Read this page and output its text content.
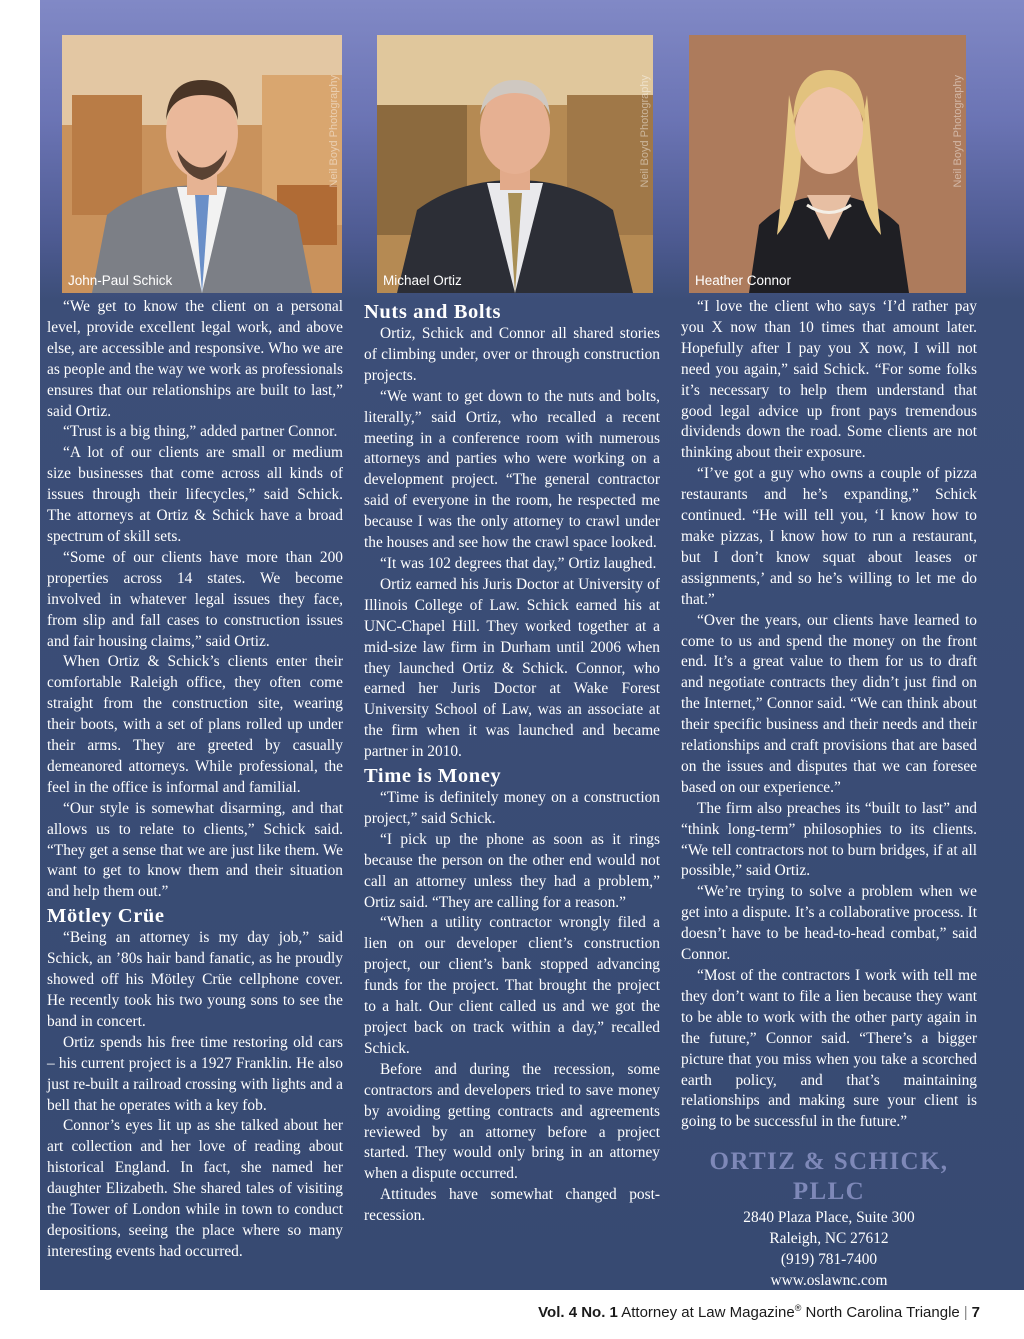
Neil Boyd Photography
John-Paul Schick
Neil Boyd Photography
Michael Ortiz
Neil Boyd Photography
Heather Connor

“We get to know the client on a personal level, provide excellent legal work, and above else, are accessible and responsive. Who we are as people and the way we work as professionals ensures that our relationships are built to last,” said Ortiz.

“Trust is a big thing,” added partner Connor.

“A lot of our clients are small or medium size businesses that come across all kinds of issues through their lifecycles,” said Schick. The attorneys at Ortiz & Schick have a broad spectrum of skill sets.

“Some of our clients have more than 200 properties across 14 states. We become involved in whatever legal issues they face, from slip and fall cases to construction issues and fair housing claims,” said Ortiz.

When Ortiz & Schick’s clients enter their comfortable Raleigh office, they often come straight from the construction site, wearing their boots, with a set of plans rolled up under their arms. They are greeted by casually demeanored attorneys. While professional, the feel in the office is informal and familial.

“Our style is somewhat disarming, and that allows us to relate to clients,” Schick said. “They get a sense that we are just like them. We want to get to know them and their situation and help them out.”

Mötley Crüe

“Being an attorney is my day job,” said Schick, an ’80s hair band fanatic, as he proudly showed off his Mötley Crüe cellphone cover. He recently took his two young sons to see the band in concert.

Ortiz spends his free time restoring old cars – his current project is a 1927 Franklin. He also just re-built a railroad crossing with lights and a bell that he operates with a key fob.

Connor’s eyes lit up as she talked about her art collection and her love of reading about historical England. In fact, she named her daughter Elizabeth. She shared tales of visiting the Tower of London while in town to conduct depositions, seeing the place where so many interesting events had occurred.

Nuts and Bolts

Ortiz, Schick and Connor all shared stories of climbing under, over or through construction projects.

“We want to get down to the nuts and bolts, literally,” said Ortiz, who recalled a recent meeting in a conference room with numerous attorneys and parties who were working on a development project. “The general contractor said of everyone in the room, he respected me because I was the only attorney to crawl under the houses and see how the crawl space looked.

“It was 102 degrees that day,” Ortiz laughed.

Ortiz earned his Juris Doctor at University of Illinois College of Law. Schick earned his at UNC-Chapel Hill. They worked together at a mid-size law firm in Durham until 2006 when they launched Ortiz & Schick. Connor, who earned her Juris Doctor at Wake Forest University School of Law, was an associate at the firm when it was launched and became partner in 2010.

Time is Money

“Time is definitely money on a construction project,” said Schick.

“I pick up the phone as soon as it rings because the person on the other end would not call an attorney unless they had a problem,” Ortiz said. “They are calling for a reason.”

“When a utility contractor wrongly filed a lien on our developer client’s construction project, our client’s bank stopped advancing funds for the project. That brought the project to a halt. Our client called us and we got the project back on track within a day,” recalled Schick.

Before and during the recession, some contractors and developers tried to save money by avoiding getting contracts and agreements reviewed by an attorney before a project started. They would only bring in an attorney when a dispute occurred.

Attitudes have somewhat changed post-recession.

“I love the client who says ‘I’d rather pay you X now than 10 times that amount later. Hopefully after I pay you X now, I will not need you again,” said Schick. “For some folks it’s necessary to help them understand that good legal advice up front pays tremendous dividends down the road. Some clients are not thinking about their exposure.

“I’ve got a guy who owns a couple of pizza restaurants and he’s expanding,” Schick continued. “He will tell you, ‘I know how to make pizzas, I know how to run a restaurant, but I don’t know squat about leases or assignments,’ and so he’s willing to let me do that.”

“Over the years, our clients have learned to come to us and spend the money on the front end. It’s a great value to them for us to draft and negotiate contracts they didn’t just find on the Internet,” Connor said. “We can think about their specific business and their needs and their relationships and craft provisions that are based on the issues and disputes that we can foresee based on our experience.”

The firm also preaches its “built to last” and “think long-term” philosophies to its clients. “We tell contractors not to burn bridges, if at all possible,” said Ortiz.

“We’re trying to solve a problem when we get into a dispute. It’s a collaborative process. It doesn’t have to be head-to-head combat,” said Connor.

“Most of the contractors I work with tell me they don’t want to file a lien because they want to be able to work with the other party again in the future,” Connor said. “There’s a bigger picture that you miss when you take a scorched earth policy, and that’s maintaining relationships and making sure your client is going to be successful in the future.”

ORTIZ & SCHICK, PLLC
2840 Plaza Place, Suite 300
Raleigh, NC 27612
(919) 781-7400
www.oslawnc.com
Vol. 4 No. 1 Attorney at Law Magazine® North Carolina Triangle | 7
